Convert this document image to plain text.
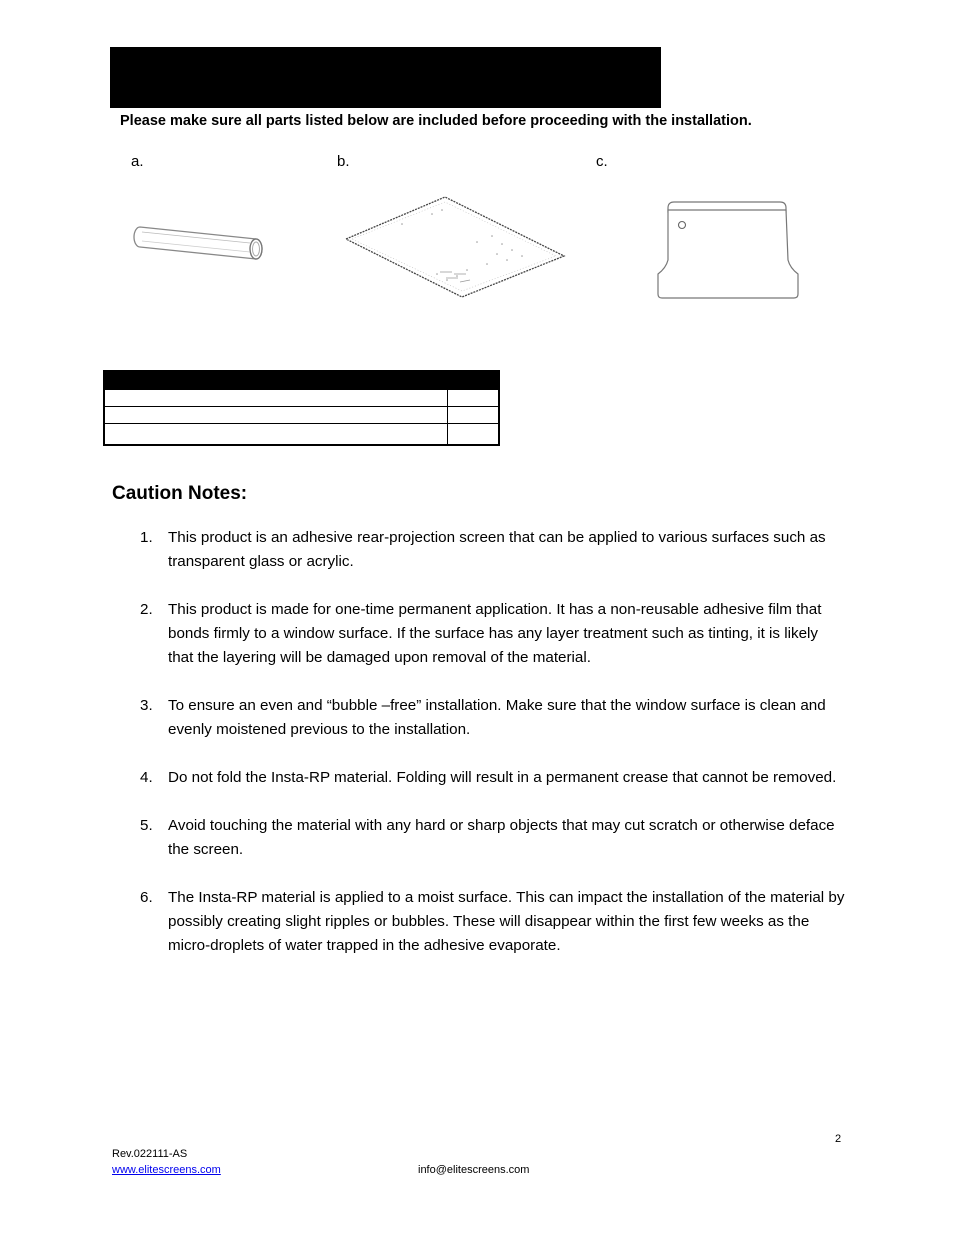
Please make sure all parts listed below are included before proceeding with the installation.
a.	b.	c.

Caution Notes:
1. This product is an adhesive rear-projection screen that can be applied to various surfaces such as transparent glass or acrylic.
2. This product is made for one-time permanent application. It has a non-reusable adhesive film that bonds firmly to a window surface. If the surface has any layer treatment such as tinting, it is likely that the layering will be damaged upon removal of the material.
3. To ensure an even and “bubble –free” installation. Make sure that the window surface is clean and evenly moistened previous to the installation.
4. Do not fold the Insta-RP material. Folding will result in a permanent crease that cannot be removed.
5. Avoid touching the material with any hard or sharp objects that may cut scratch or otherwise deface the screen.
6. The Insta-RP material is applied to a moist surface. This can impact the installation of the material by possibly creating slight ripples or bubbles. These will disappear within the first few weeks as the micro-droplets of water trapped in the adhesive evaporate.
2
Rev.022111-AS
www.elitescreens.com	info@elitescreens.com
